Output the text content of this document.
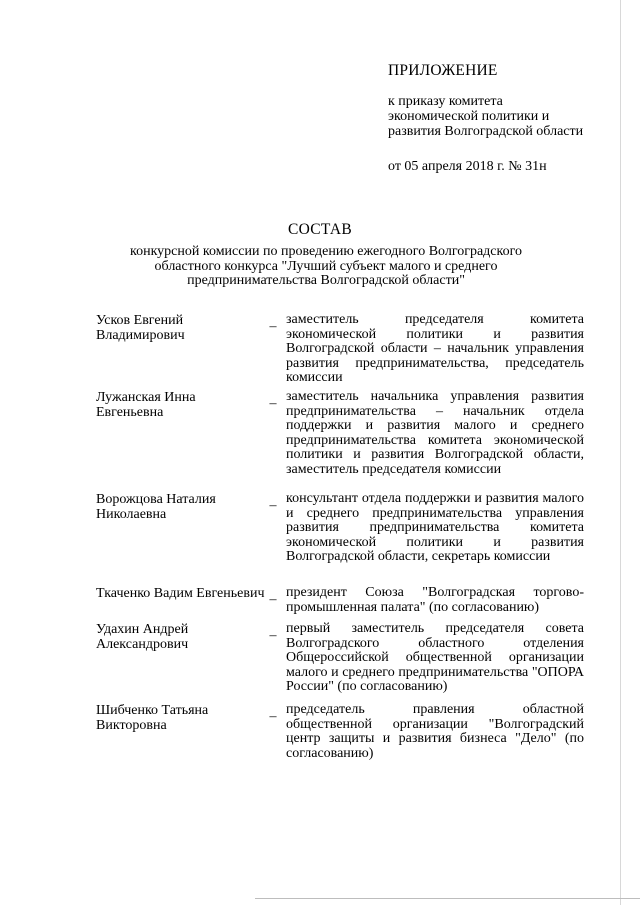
ПРИЛОЖЕНИЕ

к приказу комитета экономической политики и развития Волгоградской области

от 05 апреля 2018 г. № 31н

СОСТАВ
конкурсной комиссии по проведению ежегодного Волгоградского областного конкурса "Лучший субъект малого и среднего предпринимательства Волгоградской области"
Усков Евгений Владимирович
– заместитель председателя комитета экономической политики и развития Волгоградской области – начальник управления развития предпринимательства, председатель комиссии
Лужанская Инна Евгеньевна
– заместитель начальника управления развития предпринимательства – начальник отдела поддержки и развития малого и среднего предпринимательства комитета экономической политики и развития Волгоградской области, заместитель председателя комиссии
Ворожцова Наталия Николаевна
– консультант отдела поддержки и развития малого и среднего предпринимательства управления развития предпринимательства комитета экономической политики и развития Волгоградской области, секретарь комиссии
Ткаченко Вадим Евгеньевич – президент Союза "Волгоградская торгово-промышленная палата" (по согласованию)
Удахин Андрей Александрович
– первый заместитель председателя совета Волгоградского областного отделения Общероссийской общественной организации малого и среднего предпринимательства "ОПОРА России" (по согласованию)
Шибченко Татьяна Викторовна
– председатель правления областной общественной организации "Волгоградский центр защиты и развития бизнеса "Дело" (по согласованию)
